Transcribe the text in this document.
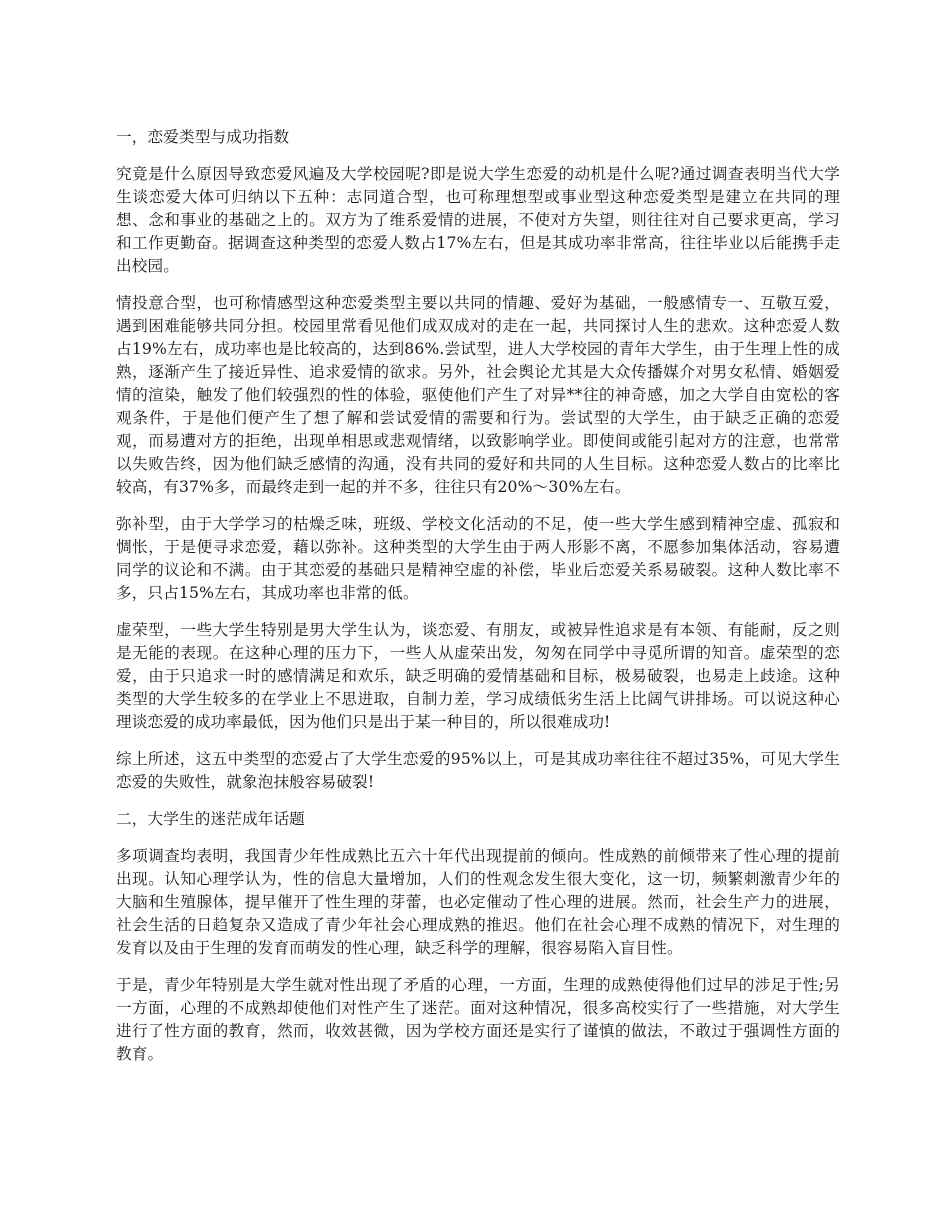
一，恋爱类型与成功指数

究竟是什么原因导致恋爱风遍及大学校园呢?即是说大学生恋爱的动机是什么呢?通过调查表明当代大学生谈恋爱大体可归纳以下五种：志同道合型，也可称理想型或事业型这种恋爱类型是建立在共同的理想、念和事业的基础之上的。双方为了维系爱情的进展，不使对方失望，则往往对自己要求更高，学习和工作更勤奋。据调查这种类型的恋爱人数占17%左右，但是其成功率非常高，往往毕业以后能携手走出校园。

情投意合型，也可称情感型这种恋爱类型主要以共同的情趣、爱好为基础，一般感情专一、互敬互爱，遇到困难能够共同分担。校园里常看见他们成双成对的走在一起，共同探讨人生的悲欢。这种恋爱人数占19%左右，成功率也是比较高的，达到86%.尝试型，进人大学校园的青年大学生，由于生理上性的成熟，逐渐产生了接近异性、追求爱情的欲求。另外，社会舆论尤其是大众传播媒介对男女私情、婚姻爱情的渲染，触发了他们较强烈的性的体验，驱使他们产生了对异**往的神奇感，加之大学自由宽松的客观条件，于是他们便产生了想了解和尝试爱情的需要和行为。尝试型的大学生，由于缺乏正确的恋爱观，而易遭对方的拒绝，出现单相思或悲观情绪，以致影响学业。即使间或能引起对方的注意，也常常以失败告终，因为他们缺乏感情的沟通，没有共同的爱好和共同的人生目标。这种恋爱人数占的比率比较高，有37%多，而最终走到一起的并不多，往往只有20%～30%左右。

弥补型，由于大学学习的枯燥乏味，班级、学校文化活动的不足，使一些大学生感到精神空虚、孤寂和惆怅，于是便寻求恋爱，藉以弥补。这种类型的大学生由于两人形影不离，不愿参加集体活动，容易遭同学的议论和不满。由于其恋爱的基础只是精神空虚的补偿，毕业后恋爱关系易破裂。这种人数比率不多，只占15%左右，其成功率也非常的低。

虚荣型，一些大学生特别是男大学生认为，谈恋爱、有朋友，或被异性追求是有本领、有能耐，反之则是无能的表现。在这种心理的压力下，一些人从虚荣出发，匆匆在同学中寻觅所谓的知音。虚荣型的恋爱，由于只追求一时的感情满足和欢乐，缺乏明确的爱情基础和目标，极易破裂，也易走上歧途。这种类型的大学生较多的在学业上不思进取，自制力差，学习成绩低劣生活上比阔气讲排场。可以说这种心理谈恋爱的成功率最低，因为他们只是出于某一种目的，所以很难成功!

综上所述，这五中类型的恋爱占了大学生恋爱的95%以上，可是其成功率往往不超过35%，可见大学生恋爱的失败性，就象泡抹般容易破裂!

二，大学生的迷茫成年话题

多项调查均表明，我国青少年性成熟比五六十年代出现提前的倾向。性成熟的前倾带来了性心理的提前出现。认知心理学认为，性的信息大量增加，人们的性观念发生很大变化，这一切，频繁刺激青少年的大脑和生殖腺体，提早催开了性生理的芽蕾，也必定催动了性心理的进展。然而，社会生产力的进展，社会生活的日趋复杂又造成了青少年社会心理成熟的推迟。他们在社会心理不成熟的情况下，对生理的发育以及由于生理的发育而萌发的性心理，缺乏科学的理解，很容易陷入盲目性。

于是，青少年特别是大学生就对性出现了矛盾的心理，一方面，生理的成熟使得他们过早的涉足于性;另一方面，心理的不成熟却使他们对性产生了迷茫。面对这种情况，很多高校实行了一些措施，对大学生进行了性方面的教育，然而，收效甚微，因为学校方面还是实行了谨慎的做法，不敢过于强调性方面的教育。
